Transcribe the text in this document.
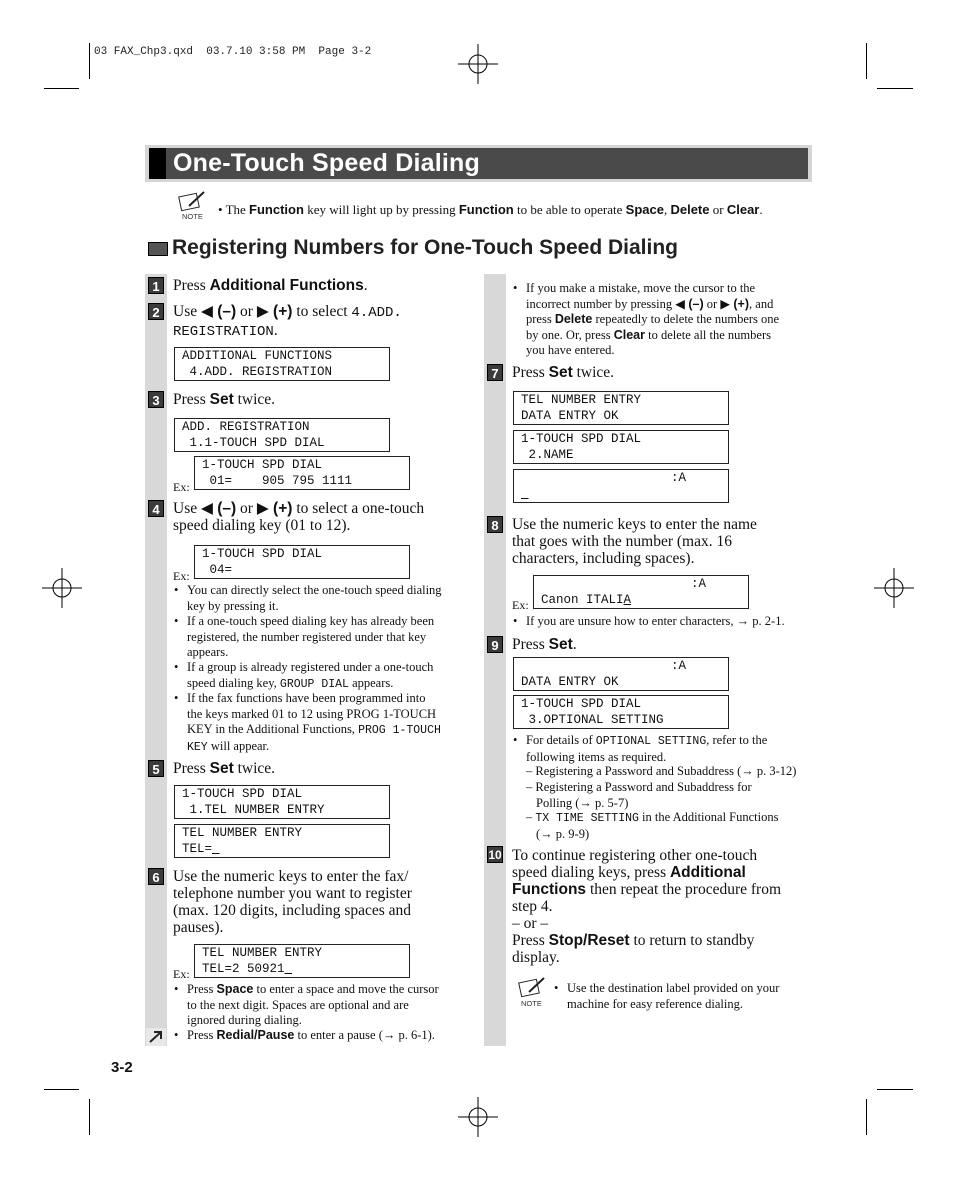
03 FAX_Chp3.qxd  03.7.10 3:58 PM  Page 3-2
One-Touch Speed Dialing
NOTE • The Function key will light up by pressing Function to be able to operate Space, Delete or Clear.
Registering Numbers for One-Touch Speed Dialing
1 Press Additional Functions.
2 Use ◀ (–) or ▶ (+) to select 4.ADD.
REGISTRATION.
ADDITIONAL FUNCTIONS
4.ADD. REGISTRATION
3 Press Set twice.
ADD. REGISTRATION
1.1-TOUCH SPD DIAL
Ex:
1-TOUCH SPD DIAL
01=    905 795 1111
4 Use ◀ (–) or ▶ (+) to select a one-touch
speed dialing key (01 to 12).
Ex:
1-TOUCH SPD DIAL
04=
• You can directly select the one-touch speed dialing
key by pressing it.
• If a one-touch speed dialing key has already been
registered, the number registered under that key
appears.
• If a group is already registered under a one-touch
speed dialing key, GROUP DIAL appears.
• If the fax functions have been programmed into
the keys marked 01 to 12 using PROG 1-TOUCH
KEY in the Additional Functions, PROG 1-TOUCH
KEY will appear.
5 Press Set twice.
1-TOUCH SPD DIAL
1.TEL NUMBER ENTRY
TEL NUMBER ENTRY
TEL=
6 Use the numeric keys to enter the fax/
telephone number you want to register
(max. 120 digits, including spaces and
pauses).
Ex:
TEL NUMBER ENTRY
TEL=2 50921
• Press Space to enter a space and move the cursor
to the next digit. Spaces are optional and are
ignored during dialing.
• Press Redial/Pause to enter a pause (→ p. 6-1).
• If you make a mistake, move the cursor to the
incorrect number by pressing ◀ (–) or ▶ (+), and
press Delete repeatedly to delete the numbers one
by one. Or, press Clear to delete all the numbers
you have entered.
7 Press Set twice.
TEL NUMBER ENTRY
DATA ENTRY OK
1-TOUCH SPD DIAL
2.NAME
:A

8 Use the numeric keys to enter the name
that goes with the number (max. 16
characters, including spaces).
Ex:
:A
Canon ITALIA
• If you are unsure how to enter characters, → p. 2-1.
9 Press Set.
:A
DATA ENTRY OK
1-TOUCH SPD DIAL
3.OPTIONAL SETTING
• For details of OPTIONAL SETTING, refer to the
following items as required.
– Registering a Password and Subaddress (→ p. 3-12)
– Registering a Password and Subaddress for
Polling (→ p. 5-7)
– TX TIME SETTING in the Additional Functions
(→ p. 9-9)
10 To continue registering other one-touch
speed dialing keys, press Additional
Functions then repeat the procedure from
step 4.
– or –
Press Stop/Reset to return to standby
display.
NOTE
• Use the destination label provided on your
machine for easy reference dialing.
3-2
